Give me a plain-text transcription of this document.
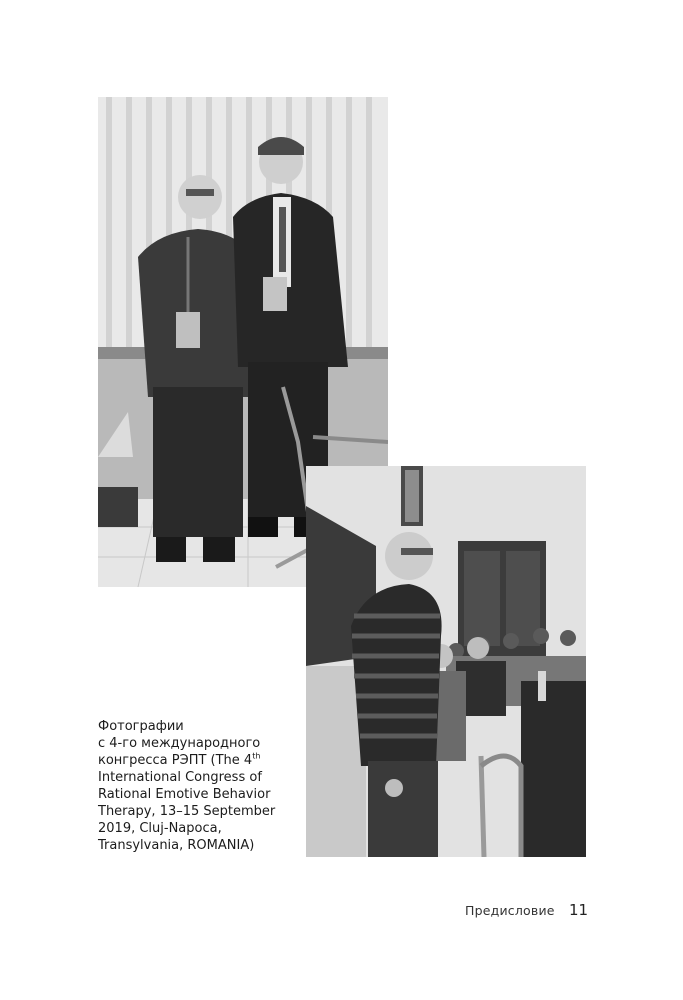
Фотографии
с 4-го международного
конгресса РЭПТ (The 4th
International Congress of
Rational Emotive Behavior
Therapy, 13–15 September
2019, Cluj-Napoca,
Transylvania, ROMANIA)
Предисловие 11
